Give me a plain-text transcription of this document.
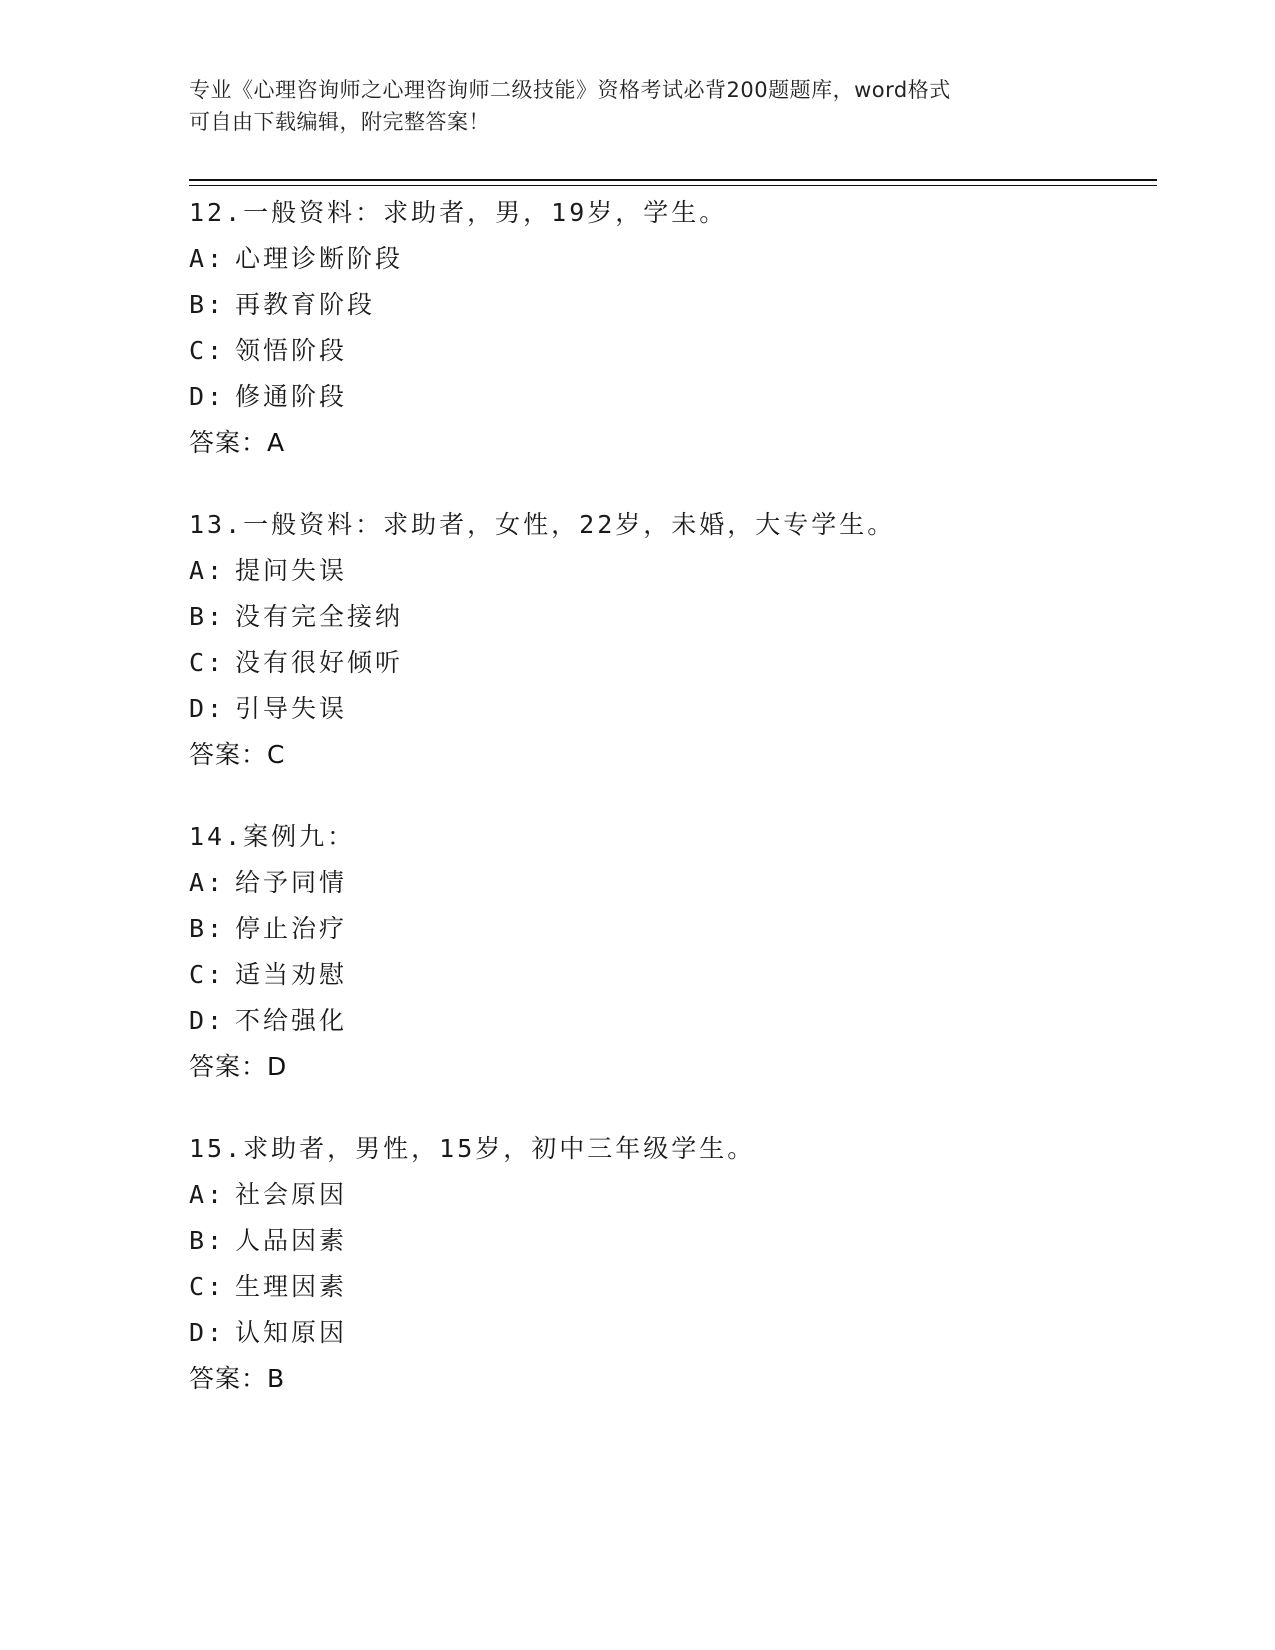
专业《心理咨询师之心理咨询师二级技能》资格考试必背200题题库，word格式
可自由下载编辑，附完整答案！
12.一般资料：求助者，男，19岁，学生。
A: 心理诊断阶段
B: 再教育阶段
C: 领悟阶段
D: 修通阶段
答案：A
13.一般资料：求助者，女性，22岁，未婚，大专学生。
A: 提问失误
B: 没有完全接纳
C: 没有很好倾听
D: 引导失误
答案：C
14.案例九：
A: 给予同情
B: 停止治疗
C: 适当劝慰
D: 不给强化
答案：D
15.求助者，男性，15岁，初中三年级学生。
A: 社会原因
B: 人品因素
C: 生理因素
D: 认知原因
答案：B
